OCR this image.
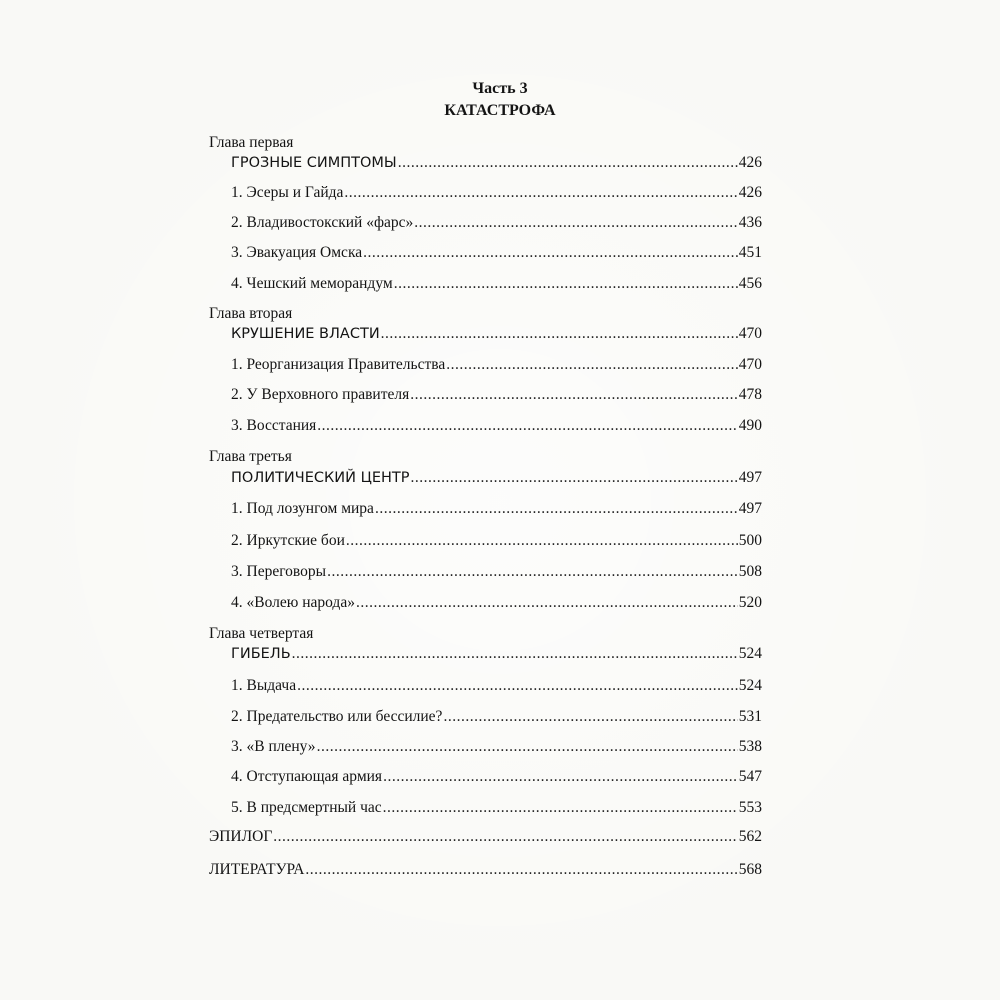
Часть 3
КАТАСТРОФА
Глава первая
ГРОЗНЫЕ СИМПТОМЫ .....	426
1. Эсеры и Гайда .....	426
2. Владивостокский «фарс» .....	436
3. Эвакуация Омска .....	451
4. Чешский меморандум .....	456
Глава вторая
КРУШЕНИЕ ВЛАСТИ .....	470
1. Реорганизация Правительства .....	470
2. У Верховного правителя .....	478
3. Восстания .....	490
Глава третья
ПОЛИТИЧЕСКИЙ ЦЕНТР .....	497
1. Под лозунгом мира .....	497
2. Иркутские бои .....	500
3. Переговоры .....	508
4. «Волею народа» .....	520
Глава четвертая
ГИБЕЛЬ .....	524
1. Выдача .....	524
2. Предательство или бессилие? .....	531
3. «В плену» .....	538
4. Отступающая армия .....	547
5. В предсмертный час .....	553
ЭПИЛОГ .....	562
ЛИТЕРАТУРА .....	568
